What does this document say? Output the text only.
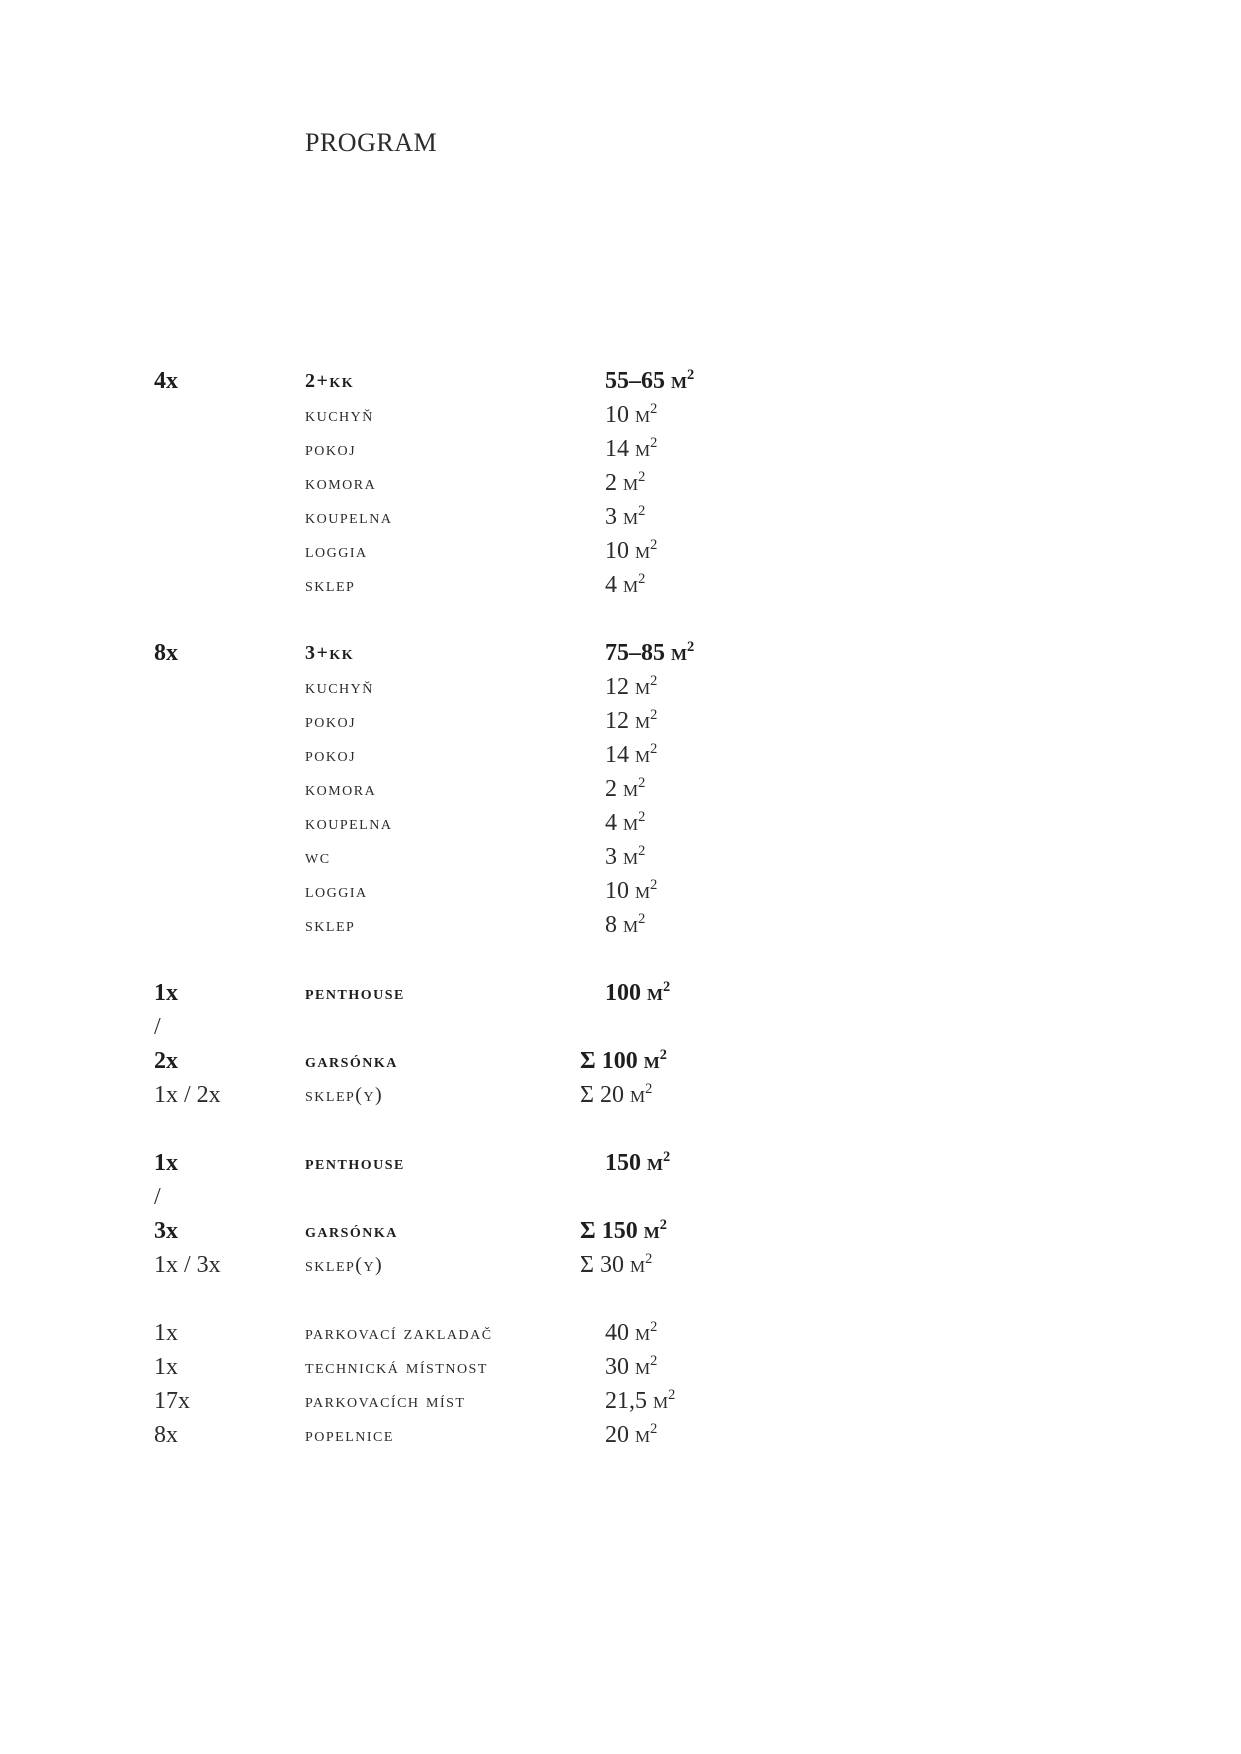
PROGRAM
4x	2+kk	55–65 $m^2$
kuchyň	10 $m^2$
pokoj	14 $m^2$
komora	2 $m^2$
koupelna	3 $m^2$
loggia	10 $m^2$
sklep	4 $m^2$
8x	3+kk	75–85 $m^2$
kuchyň	12 $m^2$
pokoj	12 $m^2$
pokoj	14 $m^2$
komora	2 $m^2$
koupelna	4 $m^2$
wc	3 $m^2$
loggia	10 $m^2$
sklep	8 $m^2$
1x	penthouse	100 $m^2$
/
2x	garsónka	Σ 100 $m^2$
1x / 2x	sklep(y)	Σ 20 $m^2$
1x	penthouse	150 $m^2$
/
3x	garsónka	Σ 150 $m^2$
1x / 3x	sklep(y)	Σ 30 $m^2$
1x	parkovací zakladač	40 $m^2$
1x	technická místnost	30 $m^2$
17x	parkovacích míst	21,5 $m^2$
8x	popelnice	20 $m^2$
